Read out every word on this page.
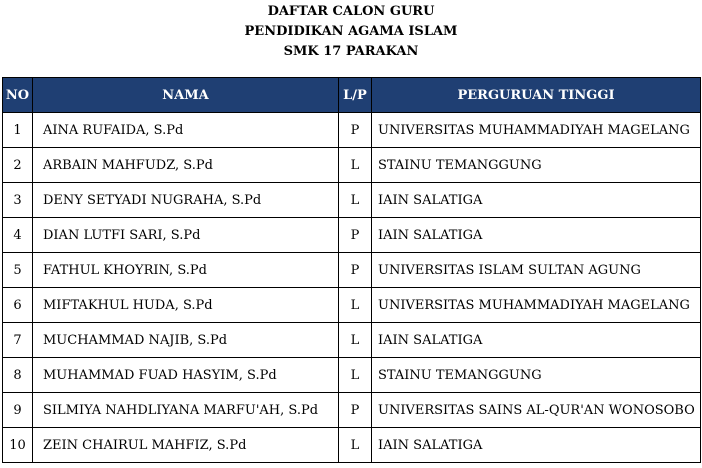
DAFTAR CALON GURU
PENDIDIKAN AGAMA ISLAM
SMK 17 PARAKAN
NO	NAMA	L/P	PERGURUAN TINGGI
1	AINA RUFAIDA, S.Pd	P	UNIVERSITAS MUHAMMADIYAH MAGELANG
2	ARBAIN MAHFUDZ, S.Pd	L	STAINU TEMANGGUNG
3	DENY SETYADI NUGRAHA, S.Pd	L	IAIN SALATIGA
4	DIAN LUTFI SARI, S.Pd	P	IAIN SALATIGA
5	FATHUL KHOYRIN, S.Pd	P	UNIVERSITAS ISLAM SULTAN AGUNG
6	MIFTAKHUL HUDA, S.Pd	L	UNIVERSITAS MUHAMMADIYAH MAGELANG
7	MUCHAMMAD NAJIB, S.Pd	L	IAIN SALATIGA
8	MUHAMMAD FUAD HASYIM, S.Pd	L	STAINU TEMANGGUNG
9	SILMIYA NAHDLIYANA MARFU'AH, S.Pd	P	UNIVERSITAS SAINS AL-QUR'AN WONOSOBO
10	ZEIN CHAIRUL MAHFIZ, S.Pd	L	IAIN SALATIGA
